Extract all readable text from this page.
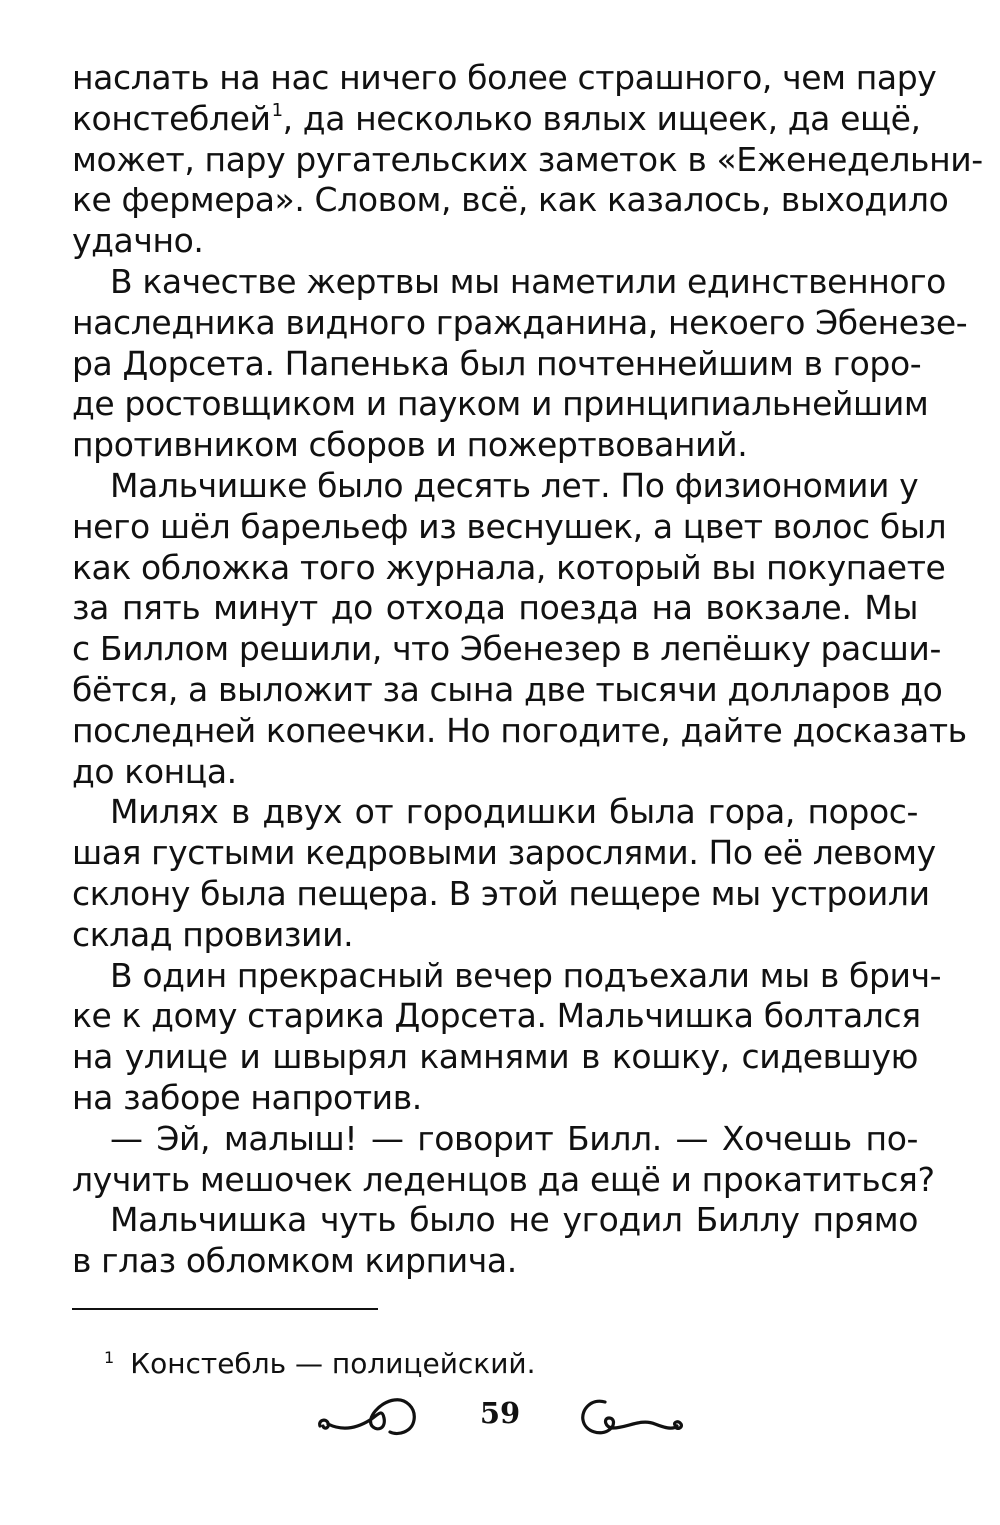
наслать на нас ничего более страшного, чем пару
констеблей$^1$, да несколько вялых ищеек, да ещё,
может, пару ругательских заметок в «Еженедельни-
ке фермера». Словом, всё, как казалось, выходило
удачно.
В качестве жертвы мы наметили единственного
наследника видного гражданина, некоего Эбенезе-
ра Дорсета. Папенька был почтеннейшим в горо-
де ростовщиком и пауком и принципиальнейшим
противником сборов и пожертвований.
Мальчишке было десять лет. По физиономии у
него шёл барельеф из веснушек, а цвет волос был
как обложка того журнала, который вы покупаете
за пять минут до отхода поезда на вокзале. Мы
с Биллом решили, что Эбенезер в лепёшку расши-
бётся, а выложит за сына две тысячи долларов до
последней копеечки. Но погодите, дайте досказать
до конца.
Милях в двух от городишки была гора, порос-
шая густыми кедровыми зарослями. По её левому
склону была пещера. В этой пещере мы устроили
склад провизии.
В один прекрасный вечер подъехали мы в брич-
ке к дому старика Дорсета. Мальчишка болтался
на улице и швырял камнями в кошку, сидевшую
на заборе напротив.
— Эй, малыш! — говорит Билл. — Хочешь по-
лучить мешочек леденцов да ещё и прокатиться?
Мальчишка чуть было не угодил Биллу прямо
в глаз обломком кирпича.
$^1$ Констебль — полицейский.
59
